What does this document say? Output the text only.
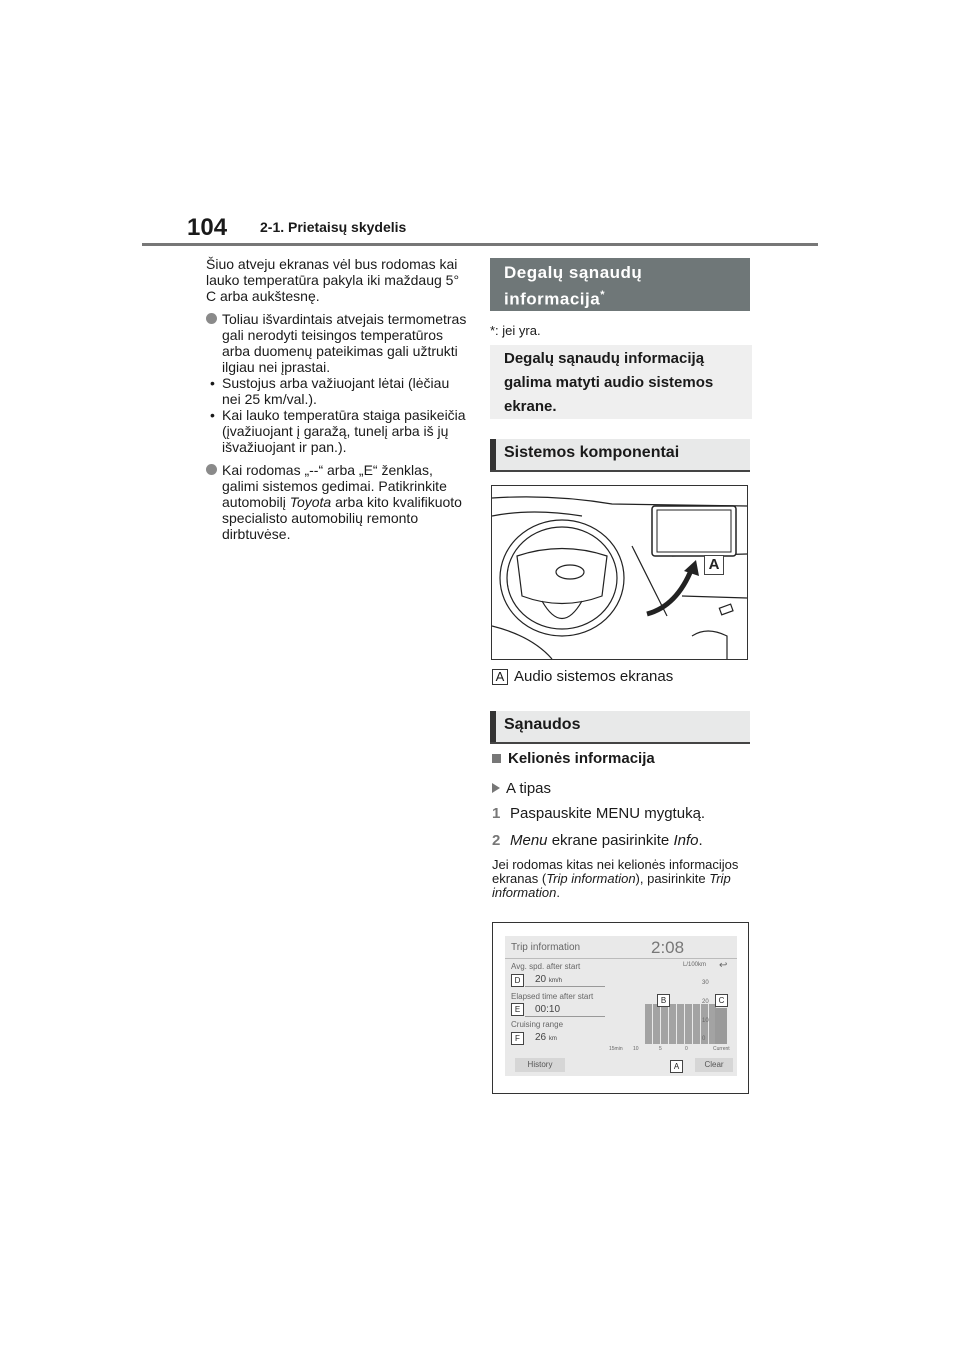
104 2-1. Prietaisų skydelis

Šiuo atveju ekranas vėl bus rodomas kai lauko temperatūra pakyla iki maždaug 5° C arba aukštesnę.

Toliau išvardintais atvejais termometras gali nerodyti teisingos temperatūros arba duomenų pateikimas gali užtrukti ilgiau nei įprastai.

• Sustojus arba važiuojant lėtai (lėčiau nei 25 km/val.).

• Kai lauko temperatūra staiga pasikeičia (įvažiuojant į garažą, tunelį arba iš jų išvažiuojant ir pan.).

Kai rodomas „--“ arba „E“ ženklas, galimi sistemos gedimai. Patikrinkite automobilį Toyota arba kito kvalifikuoto specialisto automobilių remonto dirbtuvėse.

Degalų sąnaudų informacija*
*: jei yra.
Degalų sąnaudų informaciją galima matyti audio sistemos ekrane.
Sistemos komponentai
A
A Audio sistemos ekranas
Sąnaudos
Kelionės informacija
A tipas
1 Paspauskite MENU mygtuką.
2 Menu ekrane pasirinkite Info.
Jei rodomas kitas nei kelionės informacijos ekranas (Trip information), pasirinkite Trip information.
Trip information	2:08
Avg. spd. after start
20 km/h
Elapsed time after start
00:10
Cruising range
26 km
L/100km ↩
30
20
10
0
15min 10	5	0	Current
History	Clear
D
E
F
B	C
A
